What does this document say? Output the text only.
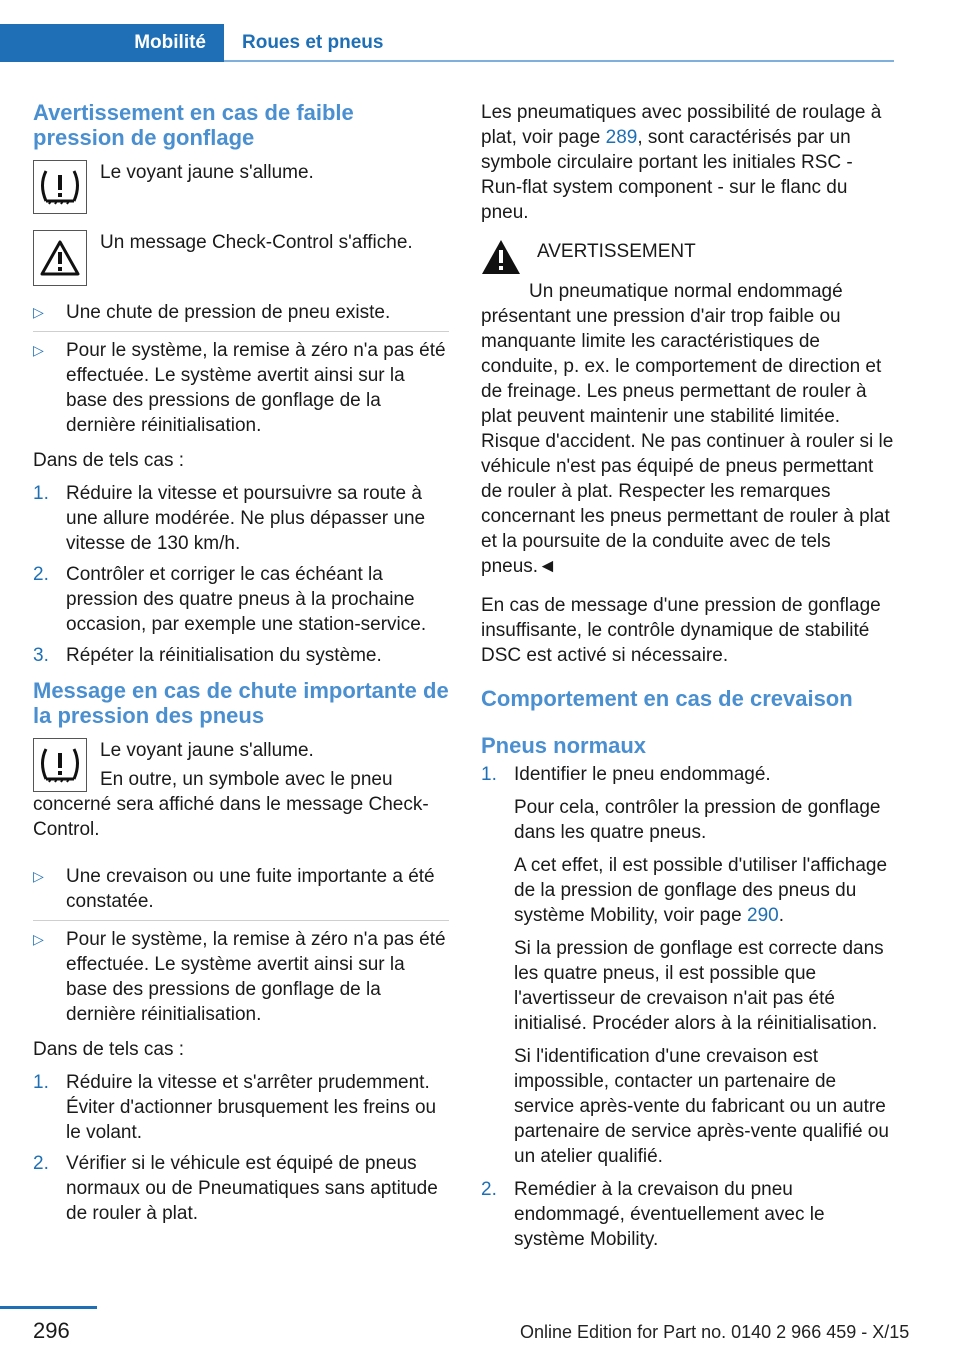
Mobilité	Roues et pneus
Avertissement en cas de faible pression de gonflage

Le voyant jaune s'allume.

Un message Check-Control s'affiche.

▷ Une chute de pression de pneu existe.
▷ Pour le système, la remise à zéro n'a pas été effectuée. Le système avertit ainsi sur la base des pressions de gonflage de la dernière réinitialisation.

Dans de tels cas :

1. Réduire la vitesse et poursuivre sa route à une allure modérée. Ne plus dépasser une vitesse de 130 km/h.
2. Contrôler et corriger le cas échéant la pression des quatre pneus à la prochaine occasion, par exemple une station-service.
3. Répéter la réinitialisation du système.
Message en cas de chute importante de la pression des pneus

Le voyant jaune s'allume.

En outre, un symbole avec le pneu concerné sera affiché dans le message Check-Control.

▷ Une crevaison ou une fuite importante a été constatée.
▷ Pour le système, la remise à zéro n'a pas été effectuée. Le système avertit ainsi sur la base des pressions de gonflage de la dernière réinitialisation.

Dans de tels cas :

1. Réduire la vitesse et s'arrêter prudemment. Éviter d'actionner brusquement les freins ou le volant.
2. Vérifier si le véhicule est équipé de pneus normaux ou de Pneumatiques sans aptitude de rouler à plat.

Les pneumatiques avec possibilité de roulage à plat, voir page 289, sont caractérisés par un symbole circulaire portant les initiales RSC - Run-flat system component - sur le flanc du pneu.

AVERTISSEMENT

Un pneumatique normal endommagé présentant une pression d'air trop faible ou manquante limite les caractéristiques de conduite, p. ex. le comportement de direction et de freinage. Les pneus permettant de rouler à plat peuvent maintenir une stabilité limitée. Risque d'accident. Ne pas continuer à rouler si le véhicule n'est pas équipé de pneus permettant de rouler à plat. Respecter les remarques concernant les pneus permettant de rouler à plat et la poursuite de la conduite avec de tels pneus.◄

En cas de message d'une pression de gonflage insuffisante, le contrôle dynamique de stabilité DSC est activé si nécessaire.

Comportement en cas de crevaison
Pneus normaux
1. Identifier le pneu endommagé.

Pour cela, contrôler la pression de gonflage dans les quatre pneus.

A cet effet, il est possible d'utiliser l'affichage de la pression de gonflage des pneus du système Mobility, voir page 290.

Si la pression de gonflage est correcte dans les quatre pneus, il est possible que l'avertisseur de crevaison n'ait pas été initialisé. Procéder alors à la réinitialisation.

Si l'identification d'une crevaison est impossible, contacter un partenaire de service après-vente du fabricant ou un autre partenaire de service après-vente qualifié ou un atelier qualifié.

2. Remédier à la crevaison du pneu endommagé, éventuellement avec le système Mobility.
296	Online Edition for Part no. 0140 2 966 459 - X/15
